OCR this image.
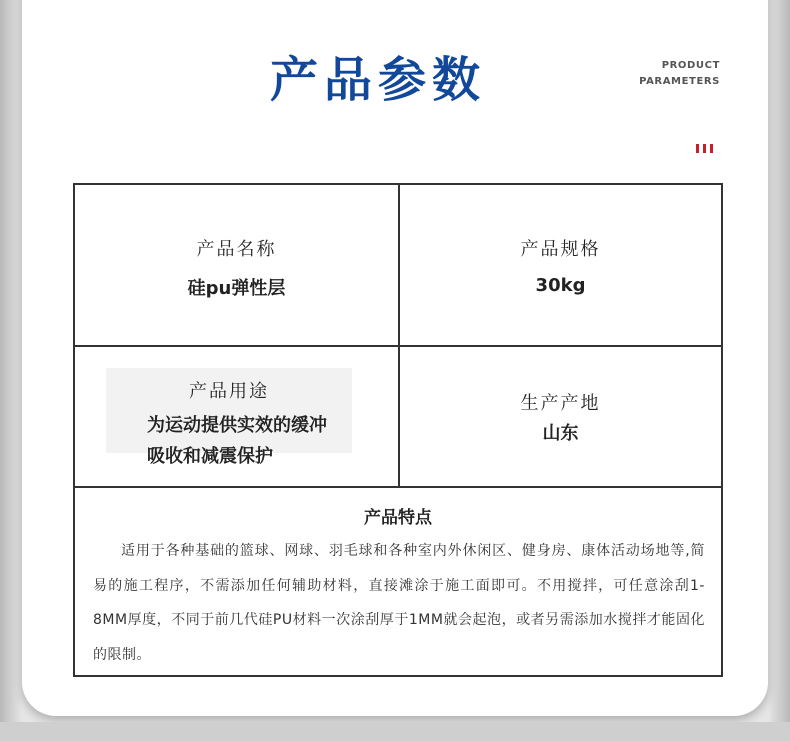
产品参数	PRODUCT
PARAMETERS
产品名称
硅pu弹性层
产品规格
30kg
产品用途
为运动提供实效的缓冲
吸收和减震保护
生产产地
山东
产品特点
适用于各种基础的篮球、网球、羽毛球和各种室内外休闲区、健身房、康体活动场地等,简易的施工程序，不需添加任何辅助材料，直接滩涂于施工面即可。不用搅拌，可任意涂刮1-8MM厚度，不同于前几代硅PU材料一次涂刮厚于1MM就会起泡，或者另需添加水搅拌才能固化的限制。
